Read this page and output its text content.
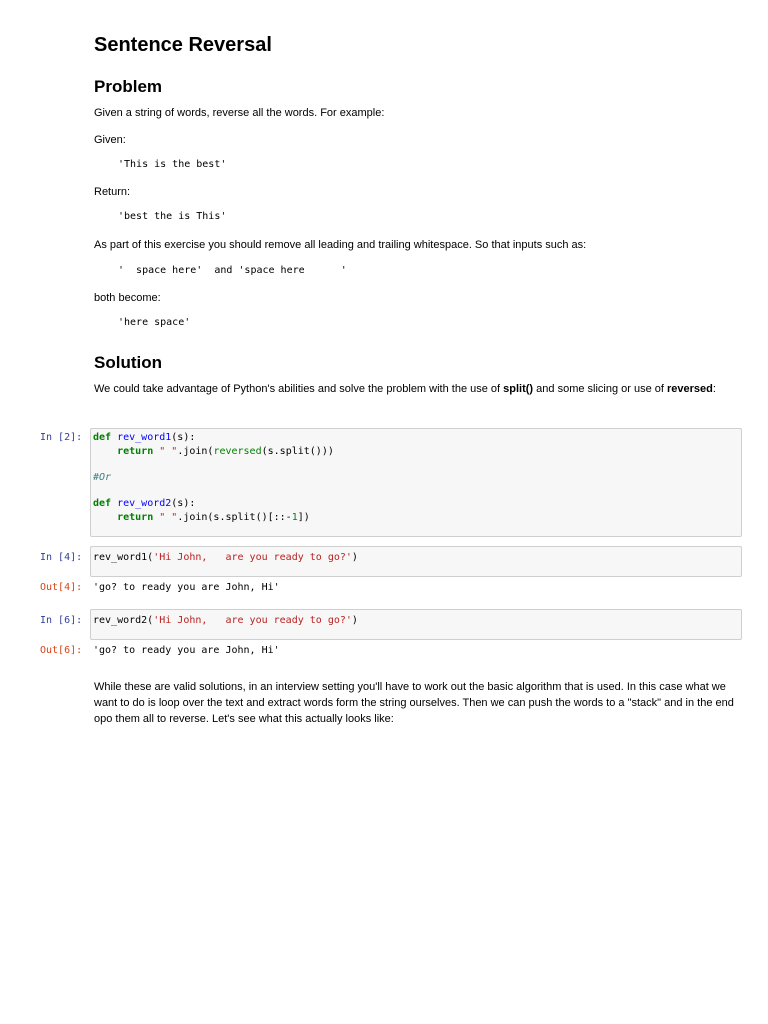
Sentence Reversal
Problem
Given a string of words, reverse all the words. For example:
Given:
'This is the best'
Return:
'best the is This'
As part of this exercise you should remove all leading and trailing whitespace. So that inputs such as:
'  space here'  and 'space here      '
both become:
'here space'
Solution
We could take advantage of Python's abilities and solve the problem with the use of split() and some slicing or use of reversed:
In [2]: def rev_word1(s):
return " ".join(reversed(s.split()))
#Or
def rev_word2(s):
return " ".join(s.split()[::-1])
In [4]: rev_word1('Hi John,   are you ready to go?')
Out[4]: 'go? to ready you are John, Hi'
In [6]: rev_word2('Hi John,   are you ready to go?')
Out[6]: 'go? to ready you are John, Hi'
While these are valid solutions, in an interview setting you'll have to work out the basic algorithm that is used. In this case what we want to do is loop over the text and extract words form the string ourselves. Then we can push the words to a "stack" and in the end opo them all to reverse. Let's see what this actually looks like:
